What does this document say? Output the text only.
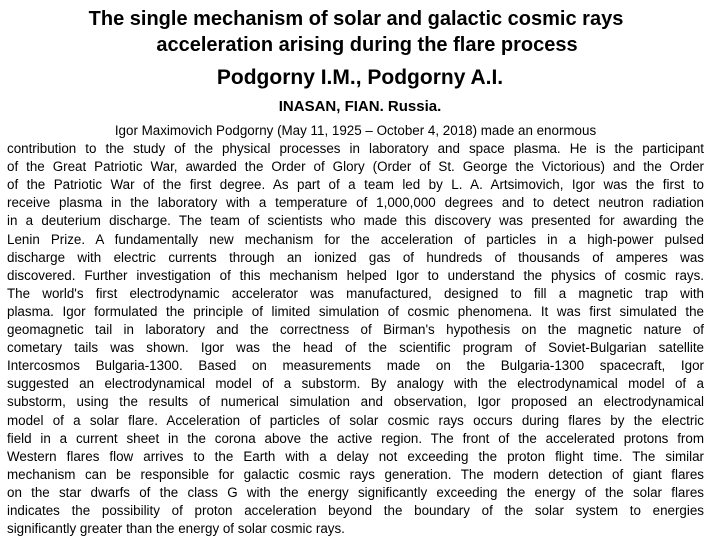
The single mechanism of solar and galactic cosmic rays
acceleration arising during the flare process
Podgorny I.M., Podgorny A.I.
INASAN, FIAN. Russia.
Igor Maximovich Podgorny (May 11, 1925 – October 4, 2018) made an enormous
contribution to the study of the physical processes in laboratory and space plasma. He is the participant
of the Great Patriotic War, awarded the Order of Glory (Order of St. George the Victorious) and the Order
of the Patriotic War of the first degree. As part of a team led by L. A. Artsimovich, Igor was the first to
receive plasma in the laboratory with a temperature of 1,000,000 degrees and to detect neutron radiation
in a deuterium discharge. The team of scientists who made this discovery was presented for awarding the
Lenin Prize. A fundamentally new mechanism for the acceleration of particles in a high-power pulsed
discharge with electric currents through an ionized gas of hundreds of thousands of amperes was
discovered. Further investigation of this mechanism helped Igor to understand the physics of cosmic rays.
The world's first electrodynamic accelerator was manufactured, designed to fill a magnetic trap with
plasma. Igor formulated the principle of limited simulation of cosmic phenomena. It was first simulated the
geomagnetic tail in laboratory and the correctness of Birman's hypothesis on the magnetic nature of
cometary tails was shown. Igor was the head of the scientific program of Soviet-Bulgarian satellite
Intercosmos Bulgaria-1300. Based on measurements made on the Bulgaria-1300 spacecraft, Igor
suggested an electrodynamical model of a substorm. By analogy with the electrodynamical model of a
substorm, using the results of numerical simulation and observation, Igor proposed an electrodynamical
model of a solar flare. Acceleration of particles of solar cosmic rays occurs during flares by the electric
field in a current sheet in the corona above the active region. The front of the accelerated protons from
Western flares flow arrives to the Earth with a delay not exceeding the proton flight time. The similar
mechanism can be responsible for galactic cosmic rays generation. The modern detection of giant flares
on the star dwarfs of the class G with the energy significantly exceeding the energy of the solar flares
indicates the possibility of proton acceleration beyond the boundary of the solar system to energies
significantly greater than the energy of solar cosmic rays.
